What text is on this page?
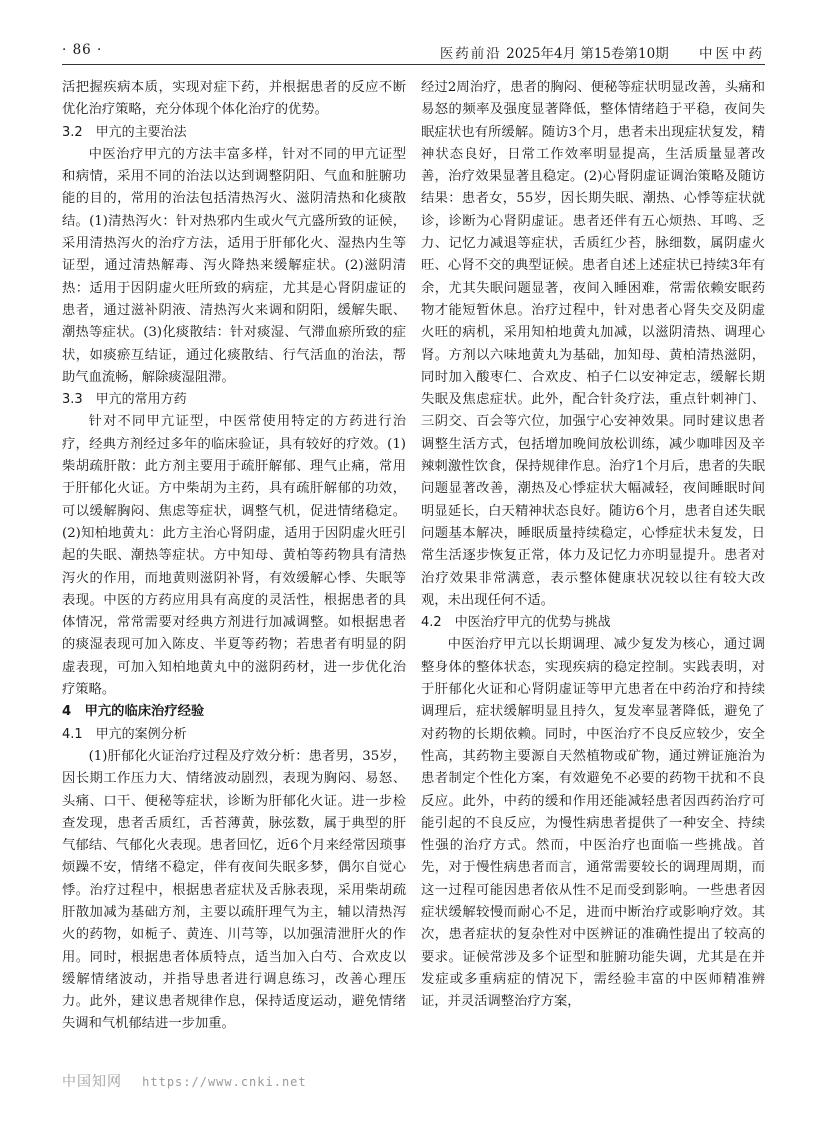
· 86 ·	医药前沿 2025年4月 第15卷第10期 中医中药

活把握疾病本质，实现对症下药，并根据患者的反应不断优化治疗策略，充分体现个体化治疗的优势。

3.2　甲亢的主要治法

中医治疗甲亢的方法丰富多样，针对不同的甲亢证型和病情，采用不同的治法以达到调整阴阳、气血和脏腑功能的目的，常用的治法包括清热泻火、滋阴清热和化痰散结。(1)清热泻火：针对热邪内生或火气亢盛所致的证候，采用清热泻火的治疗方法，适用于肝郁化火、湿热内生等证型，通过清热解毒、泻火降热来缓解症状。(2)滋阴清热：适用于因阴虚火旺所致的病症，尤其是心肾阴虚证的患者，通过滋补阴液、清热泻火来调和阴阳，缓解失眠、潮热等症状。(3)化痰散结：针对痰湿、气滞血瘀所致的症状，如痰瘀互结证，通过化痰散结、行气活血的治法，帮助气血流畅，解除痰湿阻滞。

3.3　甲亢的常用方药

针对不同甲亢证型，中医常使用特定的方药进行治疗，经典方剂经过多年的临床验证，具有较好的疗效。(1)柴胡疏肝散：此方剂主要用于疏肝解郁、理气止痛，常用于肝郁化火证。方中柴胡为主药，具有疏肝解郁的功效，可以缓解胸闷、焦虑等症状，调整气机，促进情绪稳定。(2)知柏地黄丸：此方主治心肾阴虚，适用于因阴虚火旺引起的失眠、潮热等症状。方中知母、黄柏等药物具有清热泻火的作用，而地黄则滋阴补肾，有效缓解心悸、失眠等表现。中医的方药应用具有高度的灵活性，根据患者的具体情况，常常需要对经典方剂进行加减调整。如根据患者的痰湿表现可加入陈皮、半夏等药物；若患者有明显的阴虚表现，可加入知柏地黄丸中的滋阴药材，进一步优化治疗策略。

4　甲亢的临床治疗经验
4.1　甲亢的案例分析

(1)肝郁化火证治疗过程及疗效分析：患者男，35岁，因长期工作压力大、情绪波动剧烈，表现为胸闷、易怒、头痛、口干、便秘等症状，诊断为肝郁化火证。进一步检查发现，患者舌质红，舌苔薄黄，脉弦数，属于典型的肝气郁结、气郁化火表现。患者回忆，近6个月来经常因琐事烦躁不安，情绪不稳定，伴有夜间失眠多梦，偶尔自觉心悸。治疗过程中，根据患者症状及舌脉表现，采用柴胡疏肝散加减为基础方剂，主要以疏肝理气为主，辅以清热泻火的药物，如栀子、黄连、川芎等，以加强清泄肝火的作用。同时，根据患者体质特点，适当加入白芍、合欢皮以缓解情绪波动，并指导患者进行调息练习，改善心理压力。此外，建议患者规律作息，保持适度运动，避免情绪失调和气机郁结进一步加重。

经过2周治疗，患者的胸闷、便秘等症状明显改善，头痛和易怒的频率及强度显著降低，整体情绪趋于平稳，夜间失眠症状也有所缓解。随访3个月，患者未出现症状复发，精神状态良好，日常工作效率明显提高，生活质量显著改善，治疗效果显著且稳定。(2)心肾阴虚证调治策略及随访结果：患者女，55岁，因长期失眠、潮热、心悸等症状就诊，诊断为心肾阴虚证。患者还伴有五心烦热、耳鸣、乏力、记忆力减退等症状，舌质红少苔，脉细数，属阴虚火旺、心肾不交的典型证候。患者自述上述症状已持续3年有余，尤其失眠问题显著，夜间入睡困难，常需依赖安眠药物才能短暂休息。治疗过程中，针对患者心肾失交及阴虚火旺的病机，采用知柏地黄丸加减，以滋阴清热、调理心肾。方剂以六味地黄丸为基础，加知母、黄柏清热滋阴，同时加入酸枣仁、合欢皮、柏子仁以安神定志，缓解长期失眠及焦虑症状。此外，配合针灸疗法，重点针刺神门、三阴交、百会等穴位，加强宁心安神效果。同时建议患者调整生活方式，包括增加晚间放松训练，减少咖啡因及辛辣刺激性饮食，保持规律作息。治疗1个月后，患者的失眠问题显著改善，潮热及心悸症状大幅减轻，夜间睡眠时间明显延长，白天精神状态良好。随访6个月，患者自述失眠问题基本解决，睡眠质量持续稳定，心悸症状未复发，日常生活逐步恢复正常，体力及记忆力亦明显提升。患者对治疗效果非常满意，表示整体健康状况较以往有较大改观，未出现任何不适。

4.2　中医治疗甲亢的优势与挑战

中医治疗甲亢以长期调理、减少复发为核心，通过调整身体的整体状态，实现疾病的稳定控制。实践表明，对于肝郁化火证和心肾阴虚证等甲亢患者在中药治疗和持续调理后，症状缓解明显且持久，复发率显著降低，避免了对药物的长期依赖。同时，中医治疗不良反应较少，安全性高，其药物主要源自天然植物或矿物，通过辨证施治为患者制定个性化方案，有效避免不必要的药物干扰和不良反应。此外，中药的缓和作用还能减轻患者因西药治疗可能引起的不良反应，为慢性病患者提供了一种安全、持续性强的治疗方式。然而，中医治疗也面临一些挑战。首先，对于慢性病患者而言，通常需要较长的调理周期，而这一过程可能因患者依从性不足而受到影响。一些患者因症状缓解较慢而耐心不足，进而中断治疗或影响疗效。其次，患者症状的复杂性对中医辨证的准确性提出了较高的要求。证候常涉及多个证型和脏腑功能失调，尤其是在并发症或多重病症的情况下，需经验丰富的中医师精准辨证，并灵活调整治疗方案，

中国知网 https://www.cnki.net
